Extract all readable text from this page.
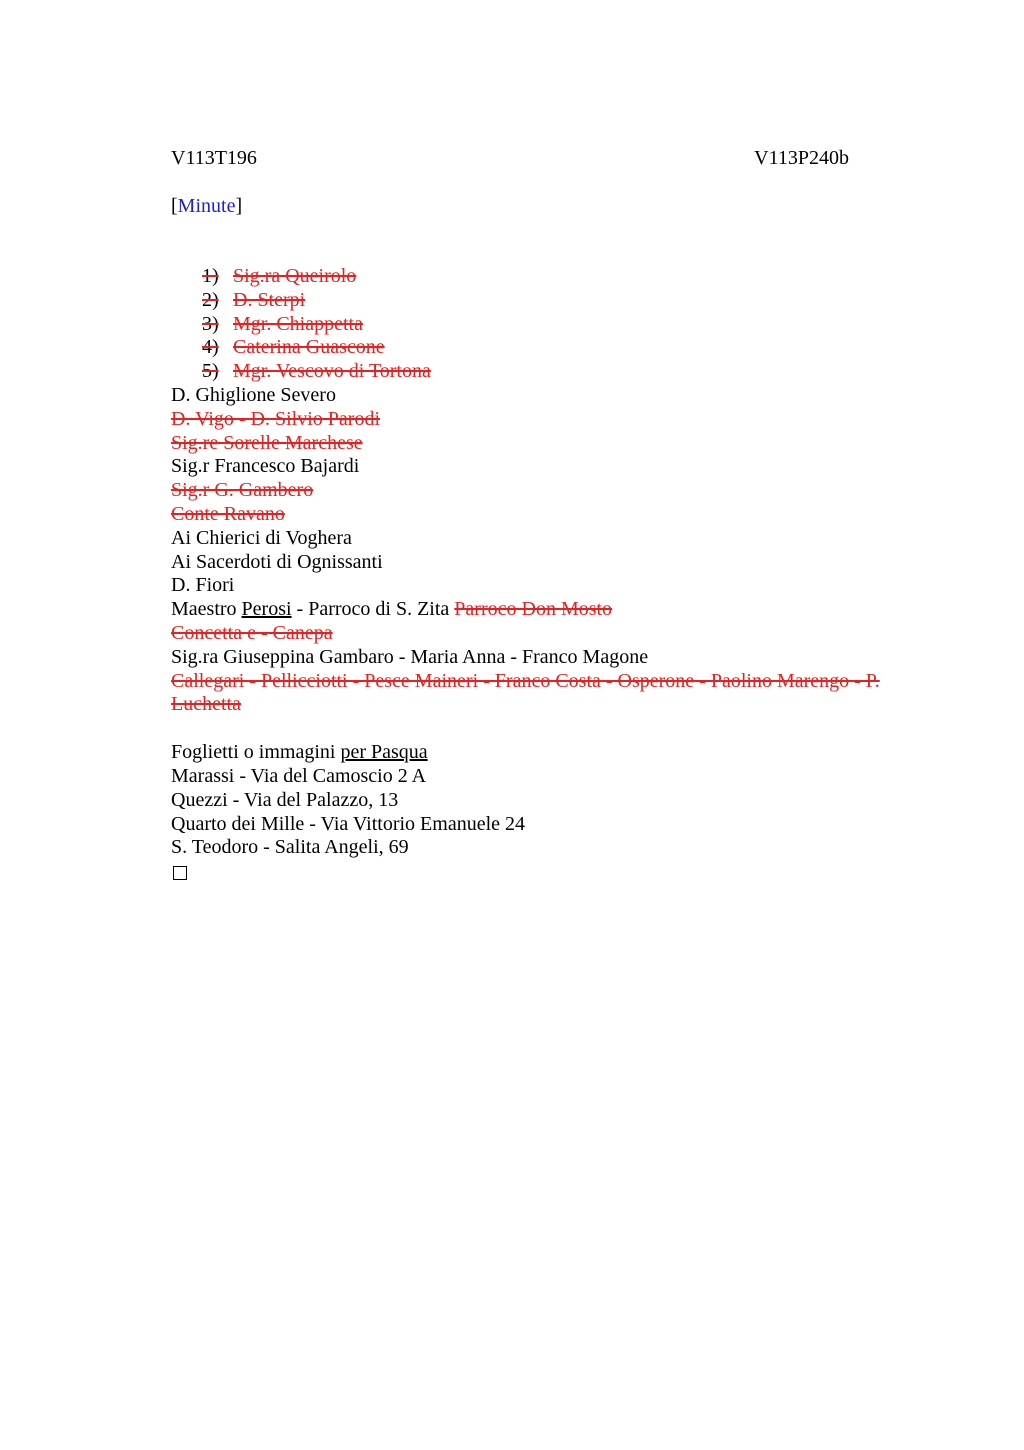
V113T196	V113P240b
[Minute]
1) Sig.ra Queirolo
2) D. Sterpi
3) Mgr. Chiappetta
4) Caterina Guascone
5) Mgr. Vescovo di Tortona
D. Ghiglione Severo
D. Vigo - D. Silvio Parodi
Sig.re Sorelle Marchese
Sig.r Francesco Bajardi
Sig.r G. Gambero
Conte Ravano
Ai Chierici di Voghera
Ai Sacerdoti di Ognissanti
D. Fiori
Maestro Perosi - Parroco di S. Zita Parroco Don Mosto
Concetta e - Canepa
Sig.ra Giuseppina Gambaro - Maria Anna - Franco Magone
Callegari - Pellicciotti - Pesce Maineri - Franco Costa - Osperone - Paolino Marengo - P. Luchetta
Foglietti o immagini per Pasqua
Marassi - Via del Camoscio 2 A
Quezzi - Via del Palazzo, 13
Quarto dei Mille - Via Vittorio Emanuele 24
S. Teodoro - Salita Angeli, 69
